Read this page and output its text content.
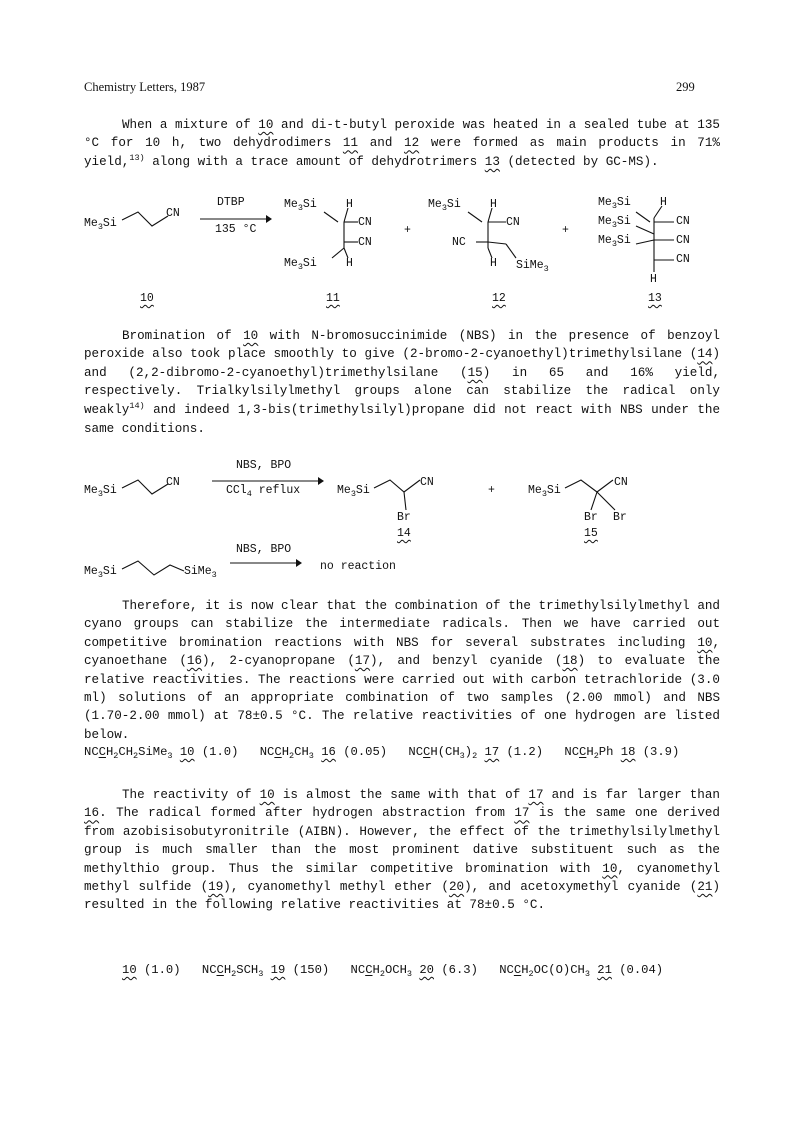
Chemistry Letters, 1987	299

When a mixture of 10 and di-t-butyl peroxide was heated in a sealed tube at 135 °C for 10 h, two dehydrodimers 11 and 12 were formed as main products in 71% yield,$^{13)}$ along with a trace amount of dehydrotrimers 13 (detected by GC-MS).

$Me_3Si$
CN
10
DTBP
135 °C
$Me_3Si$	H
CN
CN
$Me_3Si$	H
11
+
$Me_3Si$	H
CN
NC
H SiMe$_3$
12
+
$Me_3Si$	H
$Me_3Si$	CN
$Me_3Si$	CN
CN
H
13

Bromination of 10 with N-bromosuccinimide (NBS) in the presence of benzoyl peroxide also took place smoothly to give (2-bromo-2-cyanoethyl)trimethylsilane (14) and (2,2-dibromo-2-cyanoethyl)trimethylsilane (15) in 65 and 16% yield, respectively. Trialkylsilylmethyl groups alone can stabilize the radical only weakly$^{14)}$ and indeed 1,3-bis(trimethylsilyl)propane did not react with NBS under the same conditions.

$Me_3Si$
CN
NBS, BPO
CCl$_4$ reflux	$Me_3Si$
CN
Br
14
+	$Me_3Si$
CN
Br Br
15
$Me_3Si$	SiMe$_3$
NBS, BPO
no reaction

Therefore, it is now clear that the combination of the trimethylsilylmethyl and cyano groups can stabilize the intermediate radicals. Then we have carried out competitive bromination reactions with NBS for several substrates including 10, cyanoethane (16), 2-cyanopropane (17), and benzyl cyanide (18) to evaluate the relative reactivities. The reactions were carried out with carbon tetrachloride (3.0 ml) solutions of an appropriate combination of two samples (2.00 mmol) and NBS (1.70-2.00 mmol) at 78±0.5 °C. The relative reactivities of one hydrogen are listed below.

$NCCH_2CH_2SiMe_3$ 10 (1.0) $NCCH_2CH_3$ 16 (0.05) $NCCH(CH_3)_2$ 17 (1.2) $NCCH_2Ph$ 18 (3.9)

The reactivity of 10 is almost the same with that of 17 and is far larger than 16. The radical formed after hydrogen abstraction from 17 is the same one derived from azobisisobutyronitrile (AIBN). However, the effect of the trimethylsilylmethyl group is much smaller than the most prominent dative substituent such as the methylthio group. Thus the similar competitive bromination with 10, cyanomethyl methyl sulfide (19), cyanomethyl methyl ether (20), and acetoxymethyl cyanide (21) resulted in the following relative reactivities at 78±0.5 °C.

10 (1.0) $NCCH_2SCH_3$ 19 (150) $NCCH_2OCH_3$ 20 (6.3) $NCCH_2OC(O)CH_3$ 21 (0.04)
